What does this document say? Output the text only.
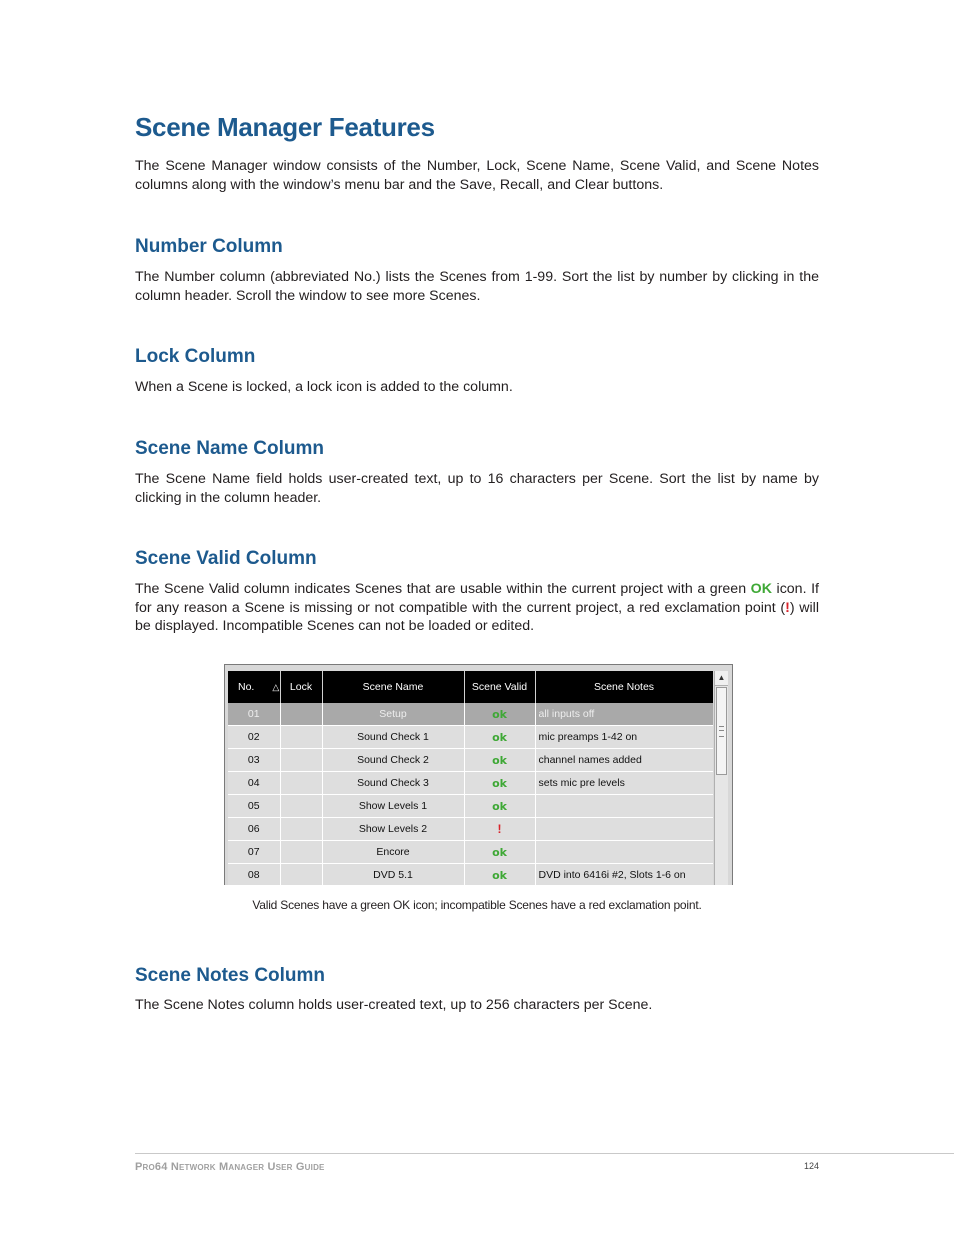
Scene Manager Features

The Scene Manager window consists of the Number, Lock, Scene Name, Scene Valid, and Scene Notes columns along with the window’s menu bar and the Save, Recall, and Clear buttons.

Number Column

The Number column (abbreviated No.) lists the Scenes from 1-99. Sort the list by number by clicking in the column header. Scroll the window to see more Scenes.

Lock Column

When a Scene is locked, a lock icon is added to the column.

Scene Name Column

The Scene Name field holds user-created text, up to 16 characters per Scene. Sort the list by name by clicking in the column header.

Scene Valid Column

The Scene Valid column indicates Scenes that are usable within the current project with a green OK icon. If for any reason a Scene is missing or not compatible with the current project, a red exclamation point (!) will be displayed. Incompatible Scenes can not be loaded or edited.

No. △	Lock	Scene Name	Scene Valid	Scene Notes
01		Setup	ok	all inputs off
02		Sound Check 1	ok	mic preamps 1-42 on
03		Sound Check 2	ok	channel names added
04		Sound Check 3	ok	sets mic pre levels
05		Show Levels 1	ok	
06		Show Levels 2	!	
07		Encore	ok	
08		DVD 5.1	ok	DVD into 6416i #2, Slots 1-6 on
▲

Valid Scenes have a green OK icon; incompatible Scenes have a red exclamation point.

Scene Notes Column

The Scene Notes column holds user-created text, up to 256 characters per Scene.

Pro64 Network Manager User Guide	124
